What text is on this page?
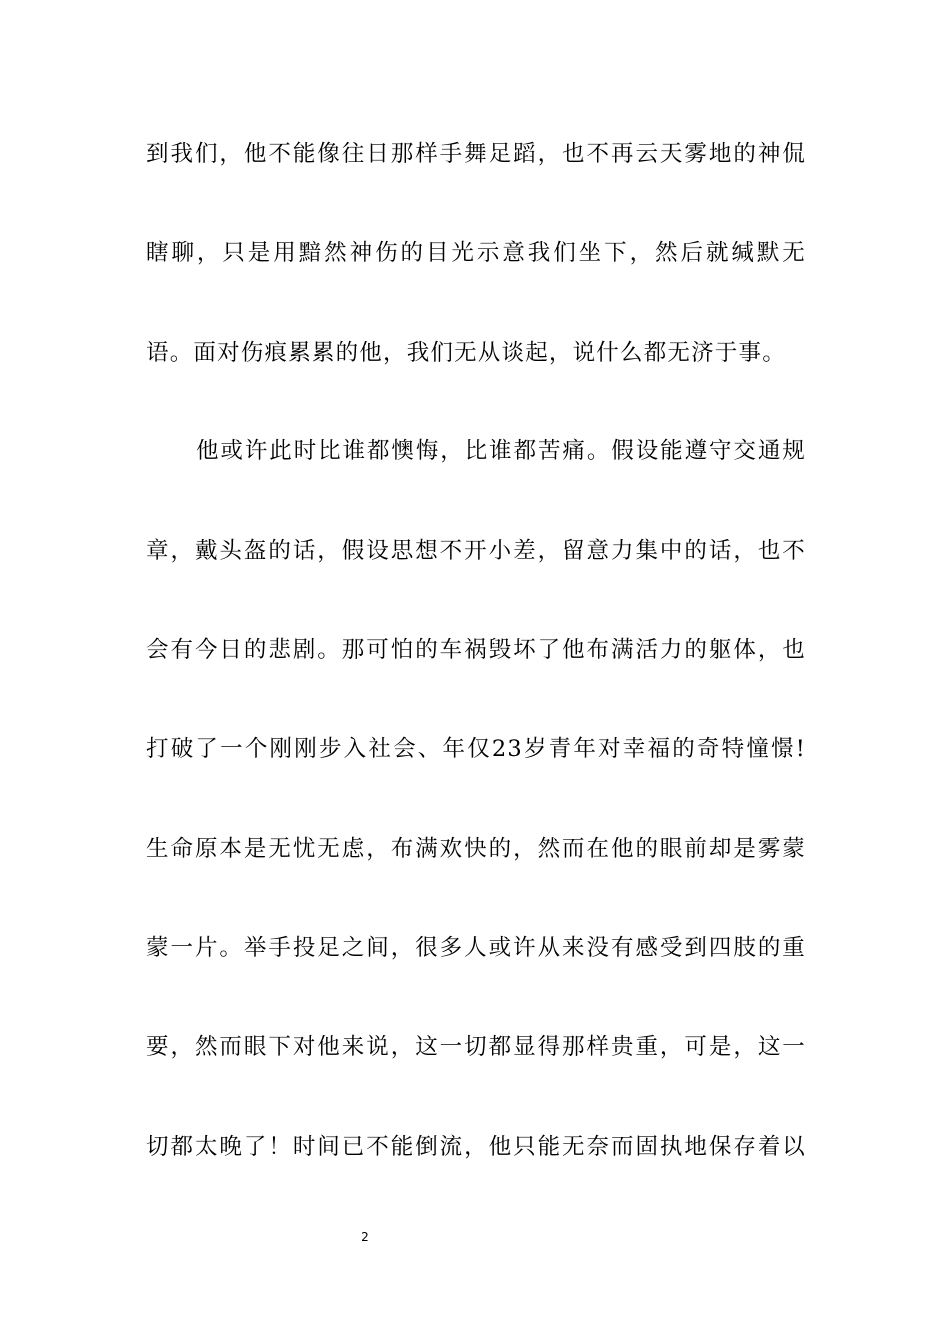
到我们，他不能像往日那样手舞足蹈，也不再云天雾地的神侃
瞎聊，只是用黯然神伤的目光示意我们坐下，然后就缄默无
语。面对伤痕累累的他，我们无从谈起，说什么都无济于事。
他或许此时比谁都懊悔，比谁都苦痛。假设能遵守交通规
章，戴头盔的话，假设思想不开小差，留意力集中的话，也不
会有今日的悲剧。那可怕的车祸毁坏了他布满活力的躯体，也
打破了一个刚刚步入社会、年仅23岁青年对幸福的奇特憧憬!
生命原本是无忧无虑，布满欢快的，然而在他的眼前却是雾蒙
蒙一片。举手投足之间，很多人或许从来没有感受到四肢的重
要，然而眼下对他来说，这一切都显得那样贵重，可是，这一
切都太晚了！时间已不能倒流，他只能无奈而固执地保存着以
2
